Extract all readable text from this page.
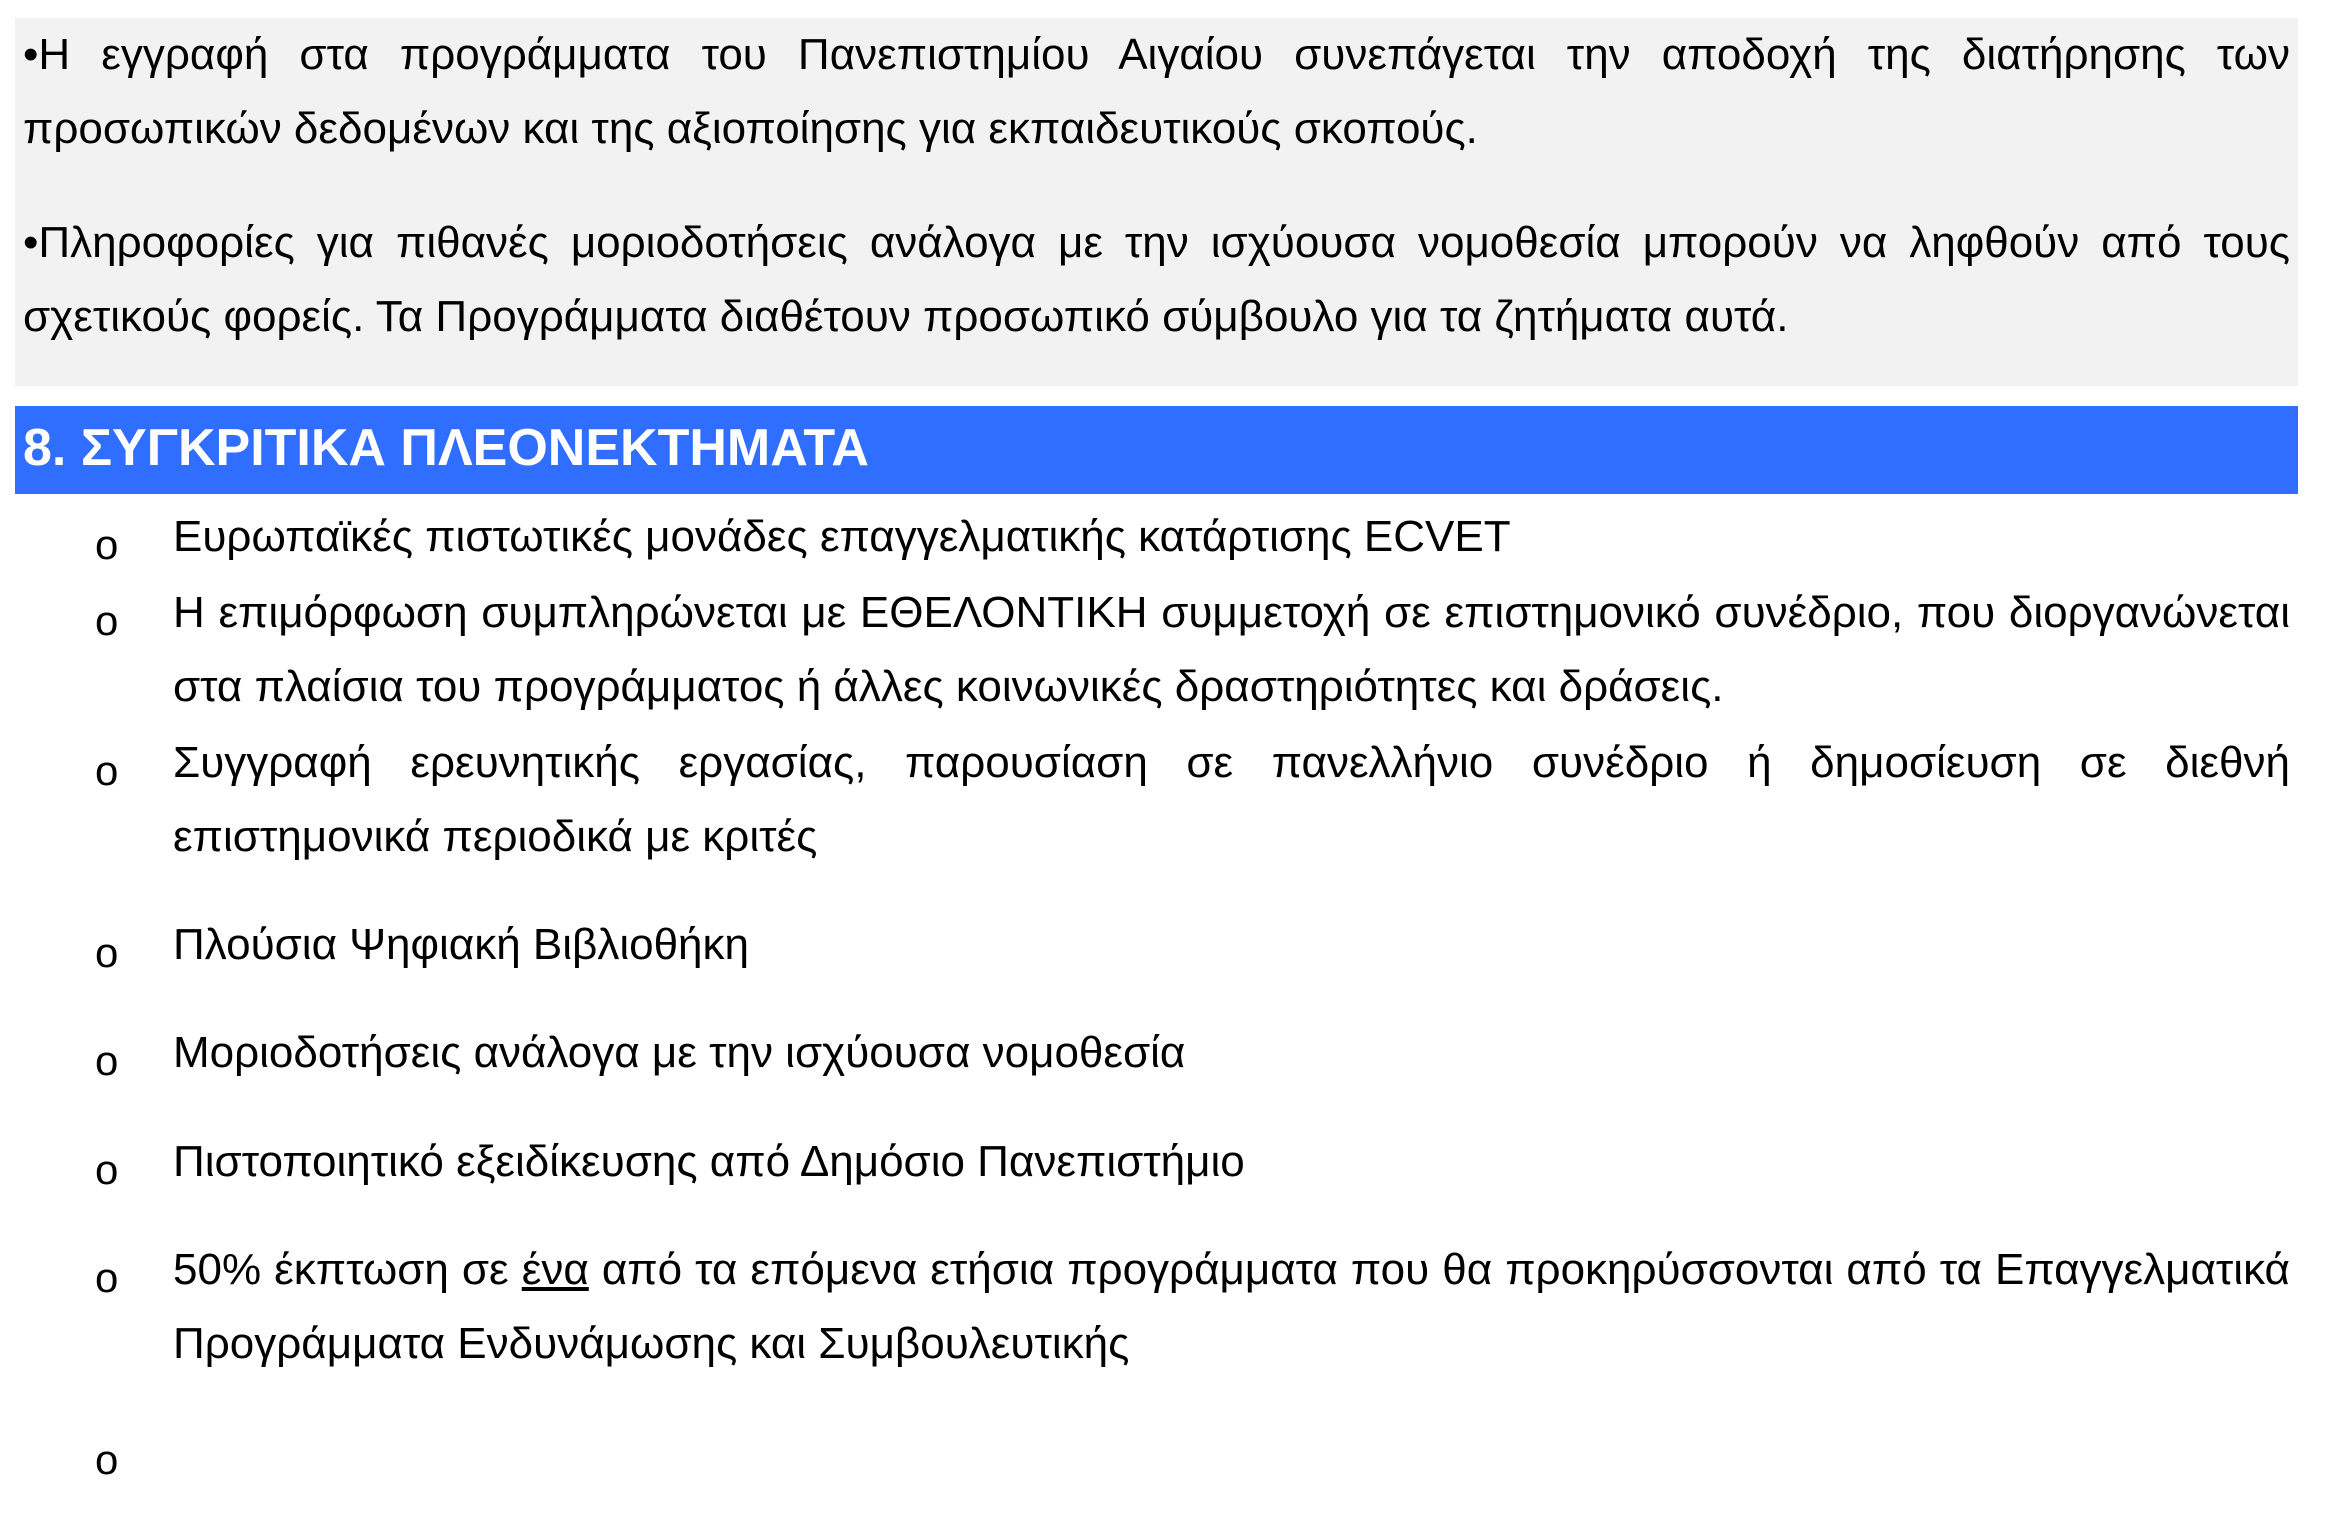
•Η εγγραφή στα προγράμματα του Πανεπιστημίου Αιγαίου συνεπάγεται την αποδοχή της διατήρησης των προσωπικών δεδομένων και της αξιοποίησης για εκπαιδευτικούς σκοπούς.

•Πληροφορίες για πιθανές μοριοδοτήσεις ανάλογα με την ισχύουσα νομοθεσία μπορούν να ληφθούν από τους σχετικούς φορείς. Τα Προγράμματα διαθέτουν προσωπικό σύμβουλο για τα ζητήματα αυτά.

8. ΣΥΓΚΡΙΤΙΚΑ ΠΛΕΟΝΕΚΤΗΜΑΤΑ
o Ευρωπαϊκές πιστωτικές μονάδες επαγγελματικής κατάρτισης ECVET

o Η επιμόρφωση συμπληρώνεται με ΕΘΕΛΟΝΤΙΚΗ συμμετοχή σε επιστημονικό συνέδριο, που διοργανώνεται στα πλαίσια του προγράμματος ή άλλες κοινωνικές δραστηριότητες και δράσεις.

o Συγγραφή ερευνητικής εργασίας, παρουσίαση σε πανελλήνιο συνέδριο ή δημοσίευση σε διεθνή επιστημονικά περιοδικά με κριτές

o Πλούσια Ψηφιακή Βιβλιοθήκη

o Μοριοδοτήσεις ανάλογα με την ισχύουσα νομοθεσία

o Πιστοποιητικό εξειδίκευσης από Δημόσιο Πανεπιστήμιο

o 50% έκπτωση σε ένα από τα επόμενα ετήσια προγράμματα που θα προκηρύσσονται από τα Επαγγελματικά Προγράμματα Ενδυνάμωσης και Συμβουλευτικής

o
